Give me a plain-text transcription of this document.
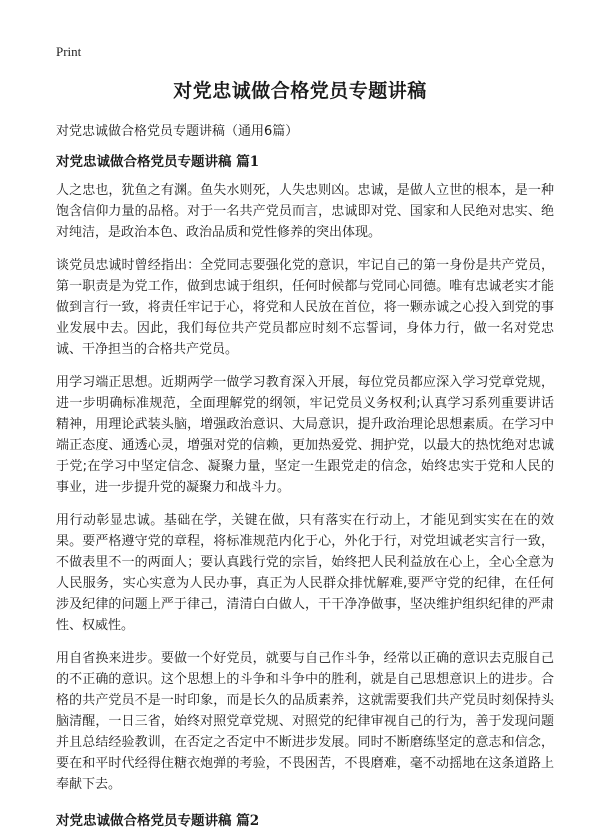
Print
对党忠诚做合格党员专题讲稿

对党忠诚做合格党员专题讲稿（通用6篇）

对党忠诚做合格党员专题讲稿 篇1

人之忠也，犹鱼之有渊。鱼失水则死，人失忠则凶。忠诚，是做人立世的根本，是一种饱含信仰力量的品格。对于一名共产党员而言，忠诚即对党、国家和人民绝对忠实、绝对纯洁，是政治本色、政治品质和党性修养的突出体现。

谈党员忠诚时曾经指出：全党同志要强化党的意识，牢记自己的第一身份是共产党员，第一职责是为党工作，做到忠诚于组织，任何时候都与党同心同德。唯有忠诚老实才能做到言行一致，将责任牢记于心，将党和人民放在首位，将一颗赤诚之心投入到党的事业发展中去。因此，我们每位共产党员都应时刻不忘誓词，身体力行，做一名对党忠诚、干净担当的合格共产党员。

用学习端正思想。近期两学一做学习教育深入开展，每位党员都应深入学习党章党规，进一步明确标准规范，全面理解党的纲领，牢记党员义务权利;认真学习系列重要讲话精神，用理论武装头脑，增强政治意识、大局意识，提升政治理论思想素质。在学习中端正态度、通透心灵，增强对党的信赖，更加热爱党、拥护党，以最大的热忱绝对忠诚于党;在学习中坚定信念、凝聚力量，坚定一生跟党走的信念，始终忠实于党和人民的事业，进一步提升党的凝聚力和战斗力。

用行动彰显忠诚。基础在学，关键在做，只有落实在行动上，才能见到实实在在的效果。要严格遵守党的章程，将标准规范内化于心，外化于行，对党坦诚老实言行一致，不做表里不一的两面人；要认真践行党的宗旨，始终把人民利益放在心上，全心全意为人民服务，实心实意为人民办事，真正为人民群众排忧解难,要严守党的纪律，在任何涉及纪律的问题上严于律己，清清白白做人，干干净净做事，坚决维护组织纪律的严肃性、权威性。

用自省换来进步。要做一个好党员，就要与自己作斗争，经常以正确的意识去克服自己的不正确的意识。这个思想上的斗争和斗争中的胜利，就是自己思想意识上的进步。合格的共产党员不是一时印象，而是长久的品质素养，这就需要我们共产党员时刻保持头脑清醒，一日三省，始终对照党章党规、对照党的纪律审视自己的行为，善于发现问题并且总结经验教训，在否定之否定中不断进步发展。同时不断磨练坚定的意志和信念，要在和平时代经得住糖衣炮弹的考验，不畏困苦，不畏磨难，毫不动摇地在这条道路上奉献下去。

对党忠诚做合格党员专题讲稿 篇2
